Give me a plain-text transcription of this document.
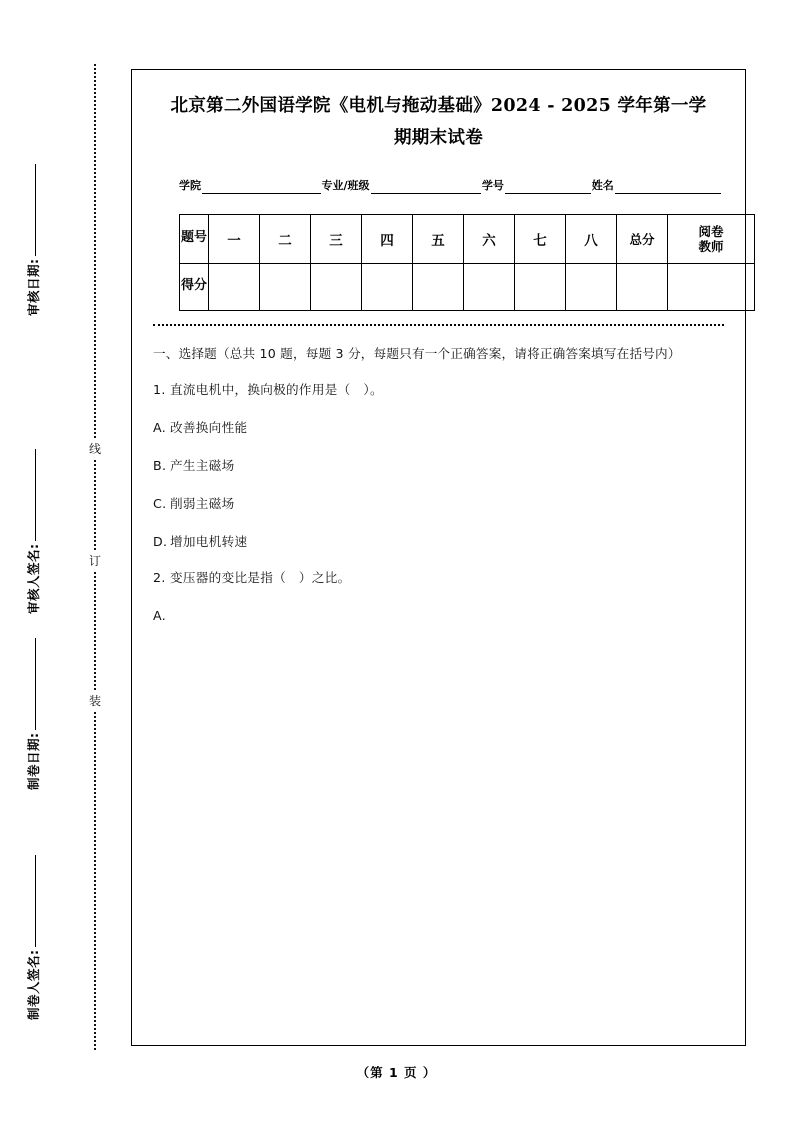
线
订
装
审核日期:
审核人签名:
制卷日期:
制卷人签名:
北京第二外国语学院《电机与拖动基础》2024 - 2025 学年第一学
期期末试卷
学院	专业/班级	学号	姓名
题号	一	二	三	四	五	六	七	八	总分	阅卷
教师

得分										
一、选择题（总共 10 题，每题 3 分，每题只有一个正确答案，请将正确答案填写在括号内）
1. 直流电机中，换向极的作用是（　）。
A. 改善换向性能
B. 产生主磁场
C. 削弱主磁场
D. 增加电机转速
2. 变压器的变比是指（　）之比。
A.
（第 1 页 ）
